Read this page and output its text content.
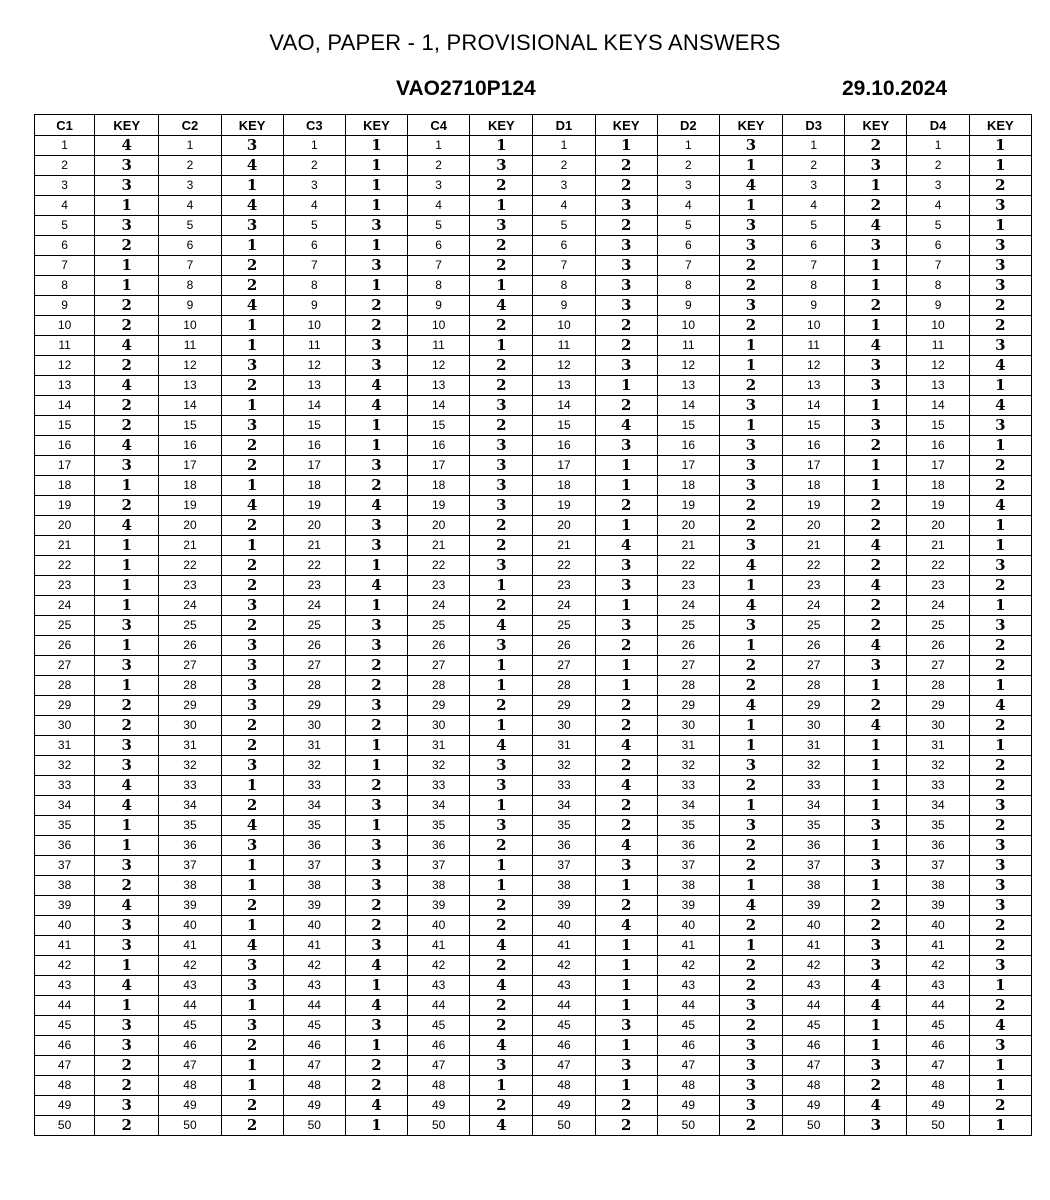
VAO, PAPER - 1, PROVISIONAL KEYS ANSWERS
VAO2710P124	29.10.2024
C1	KEY	C2	KEY	C3	KEY	C4	KEY	D1	KEY	D2	KEY	D3	KEY	D4	KEY
1	4	1	3	1	1	1	1	1	1	1	3	1	2	1	1
2	3	2	4	2	1	2	3	2	2	2	1	2	3	2	1
3	3	3	1	3	1	3	2	3	2	3	4	3	1	3	2
4	1	4	4	4	1	4	1	4	3	4	1	4	2	4	3
5	3	5	3	5	3	5	3	5	2	5	3	5	4	5	1
6	2	6	1	6	1	6	2	6	3	6	3	6	3	6	3
7	1	7	2	7	3	7	2	7	3	7	2	7	1	7	3
8	1	8	2	8	1	8	1	8	3	8	2	8	1	8	3
9	2	9	4	9	2	9	4	9	3	9	3	9	2	9	2
10	2	10	1	10	2	10	2	10	2	10	2	10	1	10	2
11	4	11	1	11	3	11	1	11	2	11	1	11	4	11	3
12	2	12	3	12	3	12	2	12	3	12	1	12	3	12	4
13	4	13	2	13	4	13	2	13	1	13	2	13	3	13	1
14	2	14	1	14	4	14	3	14	2	14	3	14	1	14	4
15	2	15	3	15	1	15	2	15	4	15	1	15	3	15	3
16	4	16	2	16	1	16	3	16	3	16	3	16	2	16	1
17	3	17	2	17	3	17	3	17	1	17	3	17	1	17	2
18	1	18	1	18	2	18	3	18	1	18	3	18	1	18	2
19	2	19	4	19	4	19	3	19	2	19	2	19	2	19	4
20	4	20	2	20	3	20	2	20	1	20	2	20	2	20	1
21	1	21	1	21	3	21	2	21	4	21	3	21	4	21	1
22	1	22	2	22	1	22	3	22	3	22	4	22	2	22	3
23	1	23	2	23	4	23	1	23	3	23	1	23	4	23	2
24	1	24	3	24	1	24	2	24	1	24	4	24	2	24	1
25	3	25	2	25	3	25	4	25	3	25	3	25	2	25	3
26	1	26	3	26	3	26	3	26	2	26	1	26	4	26	2
27	3	27	3	27	2	27	1	27	1	27	2	27	3	27	2
28	1	28	3	28	2	28	1	28	1	28	2	28	1	28	1
29	2	29	3	29	3	29	2	29	2	29	4	29	2	29	4
30	2	30	2	30	2	30	1	30	2	30	1	30	4	30	2
31	3	31	2	31	1	31	4	31	4	31	1	31	1	31	1
32	3	32	3	32	1	32	3	32	2	32	3	32	1	32	2
33	4	33	1	33	2	33	3	33	4	33	2	33	1	33	2
34	4	34	2	34	3	34	1	34	2	34	1	34	1	34	3
35	1	35	4	35	1	35	3	35	2	35	3	35	3	35	2
36	1	36	3	36	3	36	2	36	4	36	2	36	1	36	3
37	3	37	1	37	3	37	1	37	3	37	2	37	3	37	3
38	2	38	1	38	3	38	1	38	1	38	1	38	1	38	3
39	4	39	2	39	2	39	2	39	2	39	4	39	2	39	3
40	3	40	1	40	2	40	2	40	4	40	2	40	2	40	2
41	3	41	4	41	3	41	4	41	1	41	1	41	3	41	2
42	1	42	3	42	4	42	2	42	1	42	2	42	3	42	3
43	4	43	3	43	1	43	4	43	1	43	2	43	4	43	1
44	1	44	1	44	4	44	2	44	1	44	3	44	4	44	2
45	3	45	3	45	3	45	2	45	3	45	2	45	1	45	4
46	3	46	2	46	1	46	4	46	1	46	3	46	1	46	3
47	2	47	1	47	2	47	3	47	3	47	3	47	3	47	1
48	2	48	1	48	2	48	1	48	1	48	3	48	2	48	1
49	3	49	2	49	4	49	2	49	2	49	3	49	4	49	2
50	2	50	2	50	1	50	4	50	2	50	2	50	3	50	1
